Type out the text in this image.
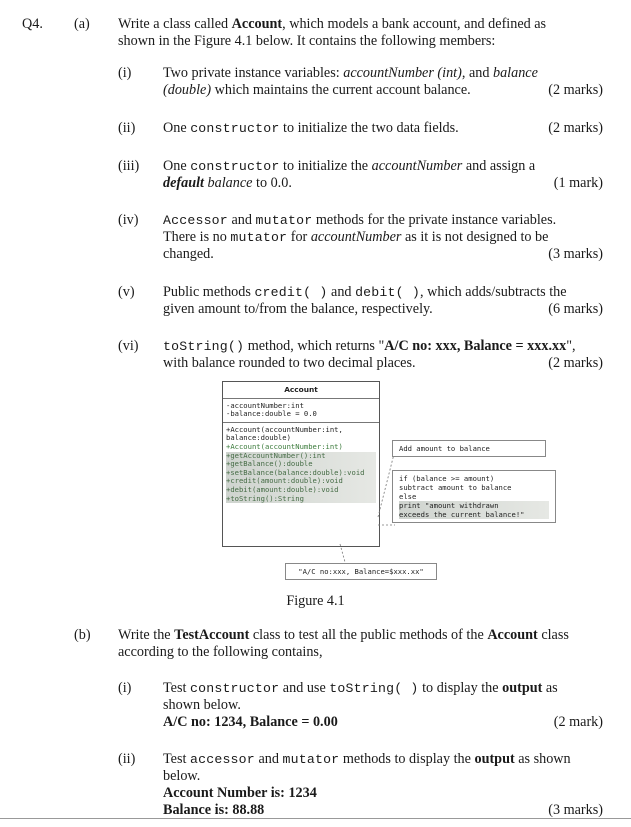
Q4. (a) Write a class called Account, which models a bank account, and defined as
shown in the Figure 4.1 below. It contains the following members:
(i) Two private instance variables: accountNumber (int), and balance
(double) which maintains the current account balance.	(2 marks)
(ii) One constructor to initialize the two data fields.	(2 marks)
(iii) One constructor to initialize the accountNumber and assign a
default balance to 0.0.	(1 mark)
(iv) Accessor and mutator methods for the private instance variables.
There is no mutator for accountNumber as it is not designed to be
changed.	(3 marks)
(v) Public methods credit( ) and debit( ), which adds/subtracts the
given amount to/from the balance, respectively.	(6 marks)
(vi) toString() method, which returns "A/C no: xxx, Balance = xxx.xx",
with balance rounded to two decimal places.	(2 marks)
Account
-accountNumber:int
-balance:double = 0.0
+Account(accountNumber:int,
balance:double)
+Account(accountNumber:int)
+getAccountNumber():int
+getBalance():double
+setBalance(balance:double):void
+credit(amount:double):void
+debit(amount:double):void
+toString():String
Add amount to balance
if (balance >= amount)
subtract amount to balance
else
print "amount withdrawn
exceeds the current balance!"
"A/C no:xxx, Balance=$xxx.xx"
Figure 4.1
(b) Write the TestAccount class to test all the public methods of the Account class
according to the following contains,
(i) Test constructor and use toString( ) to display the output as
shown below.
A/C no: 1234, Balance = 0.00	(2 mark)
(ii) Test accessor and mutator methods to display the output as shown
below.
Account Number is: 1234
Balance is: 88.88	(3 marks)
